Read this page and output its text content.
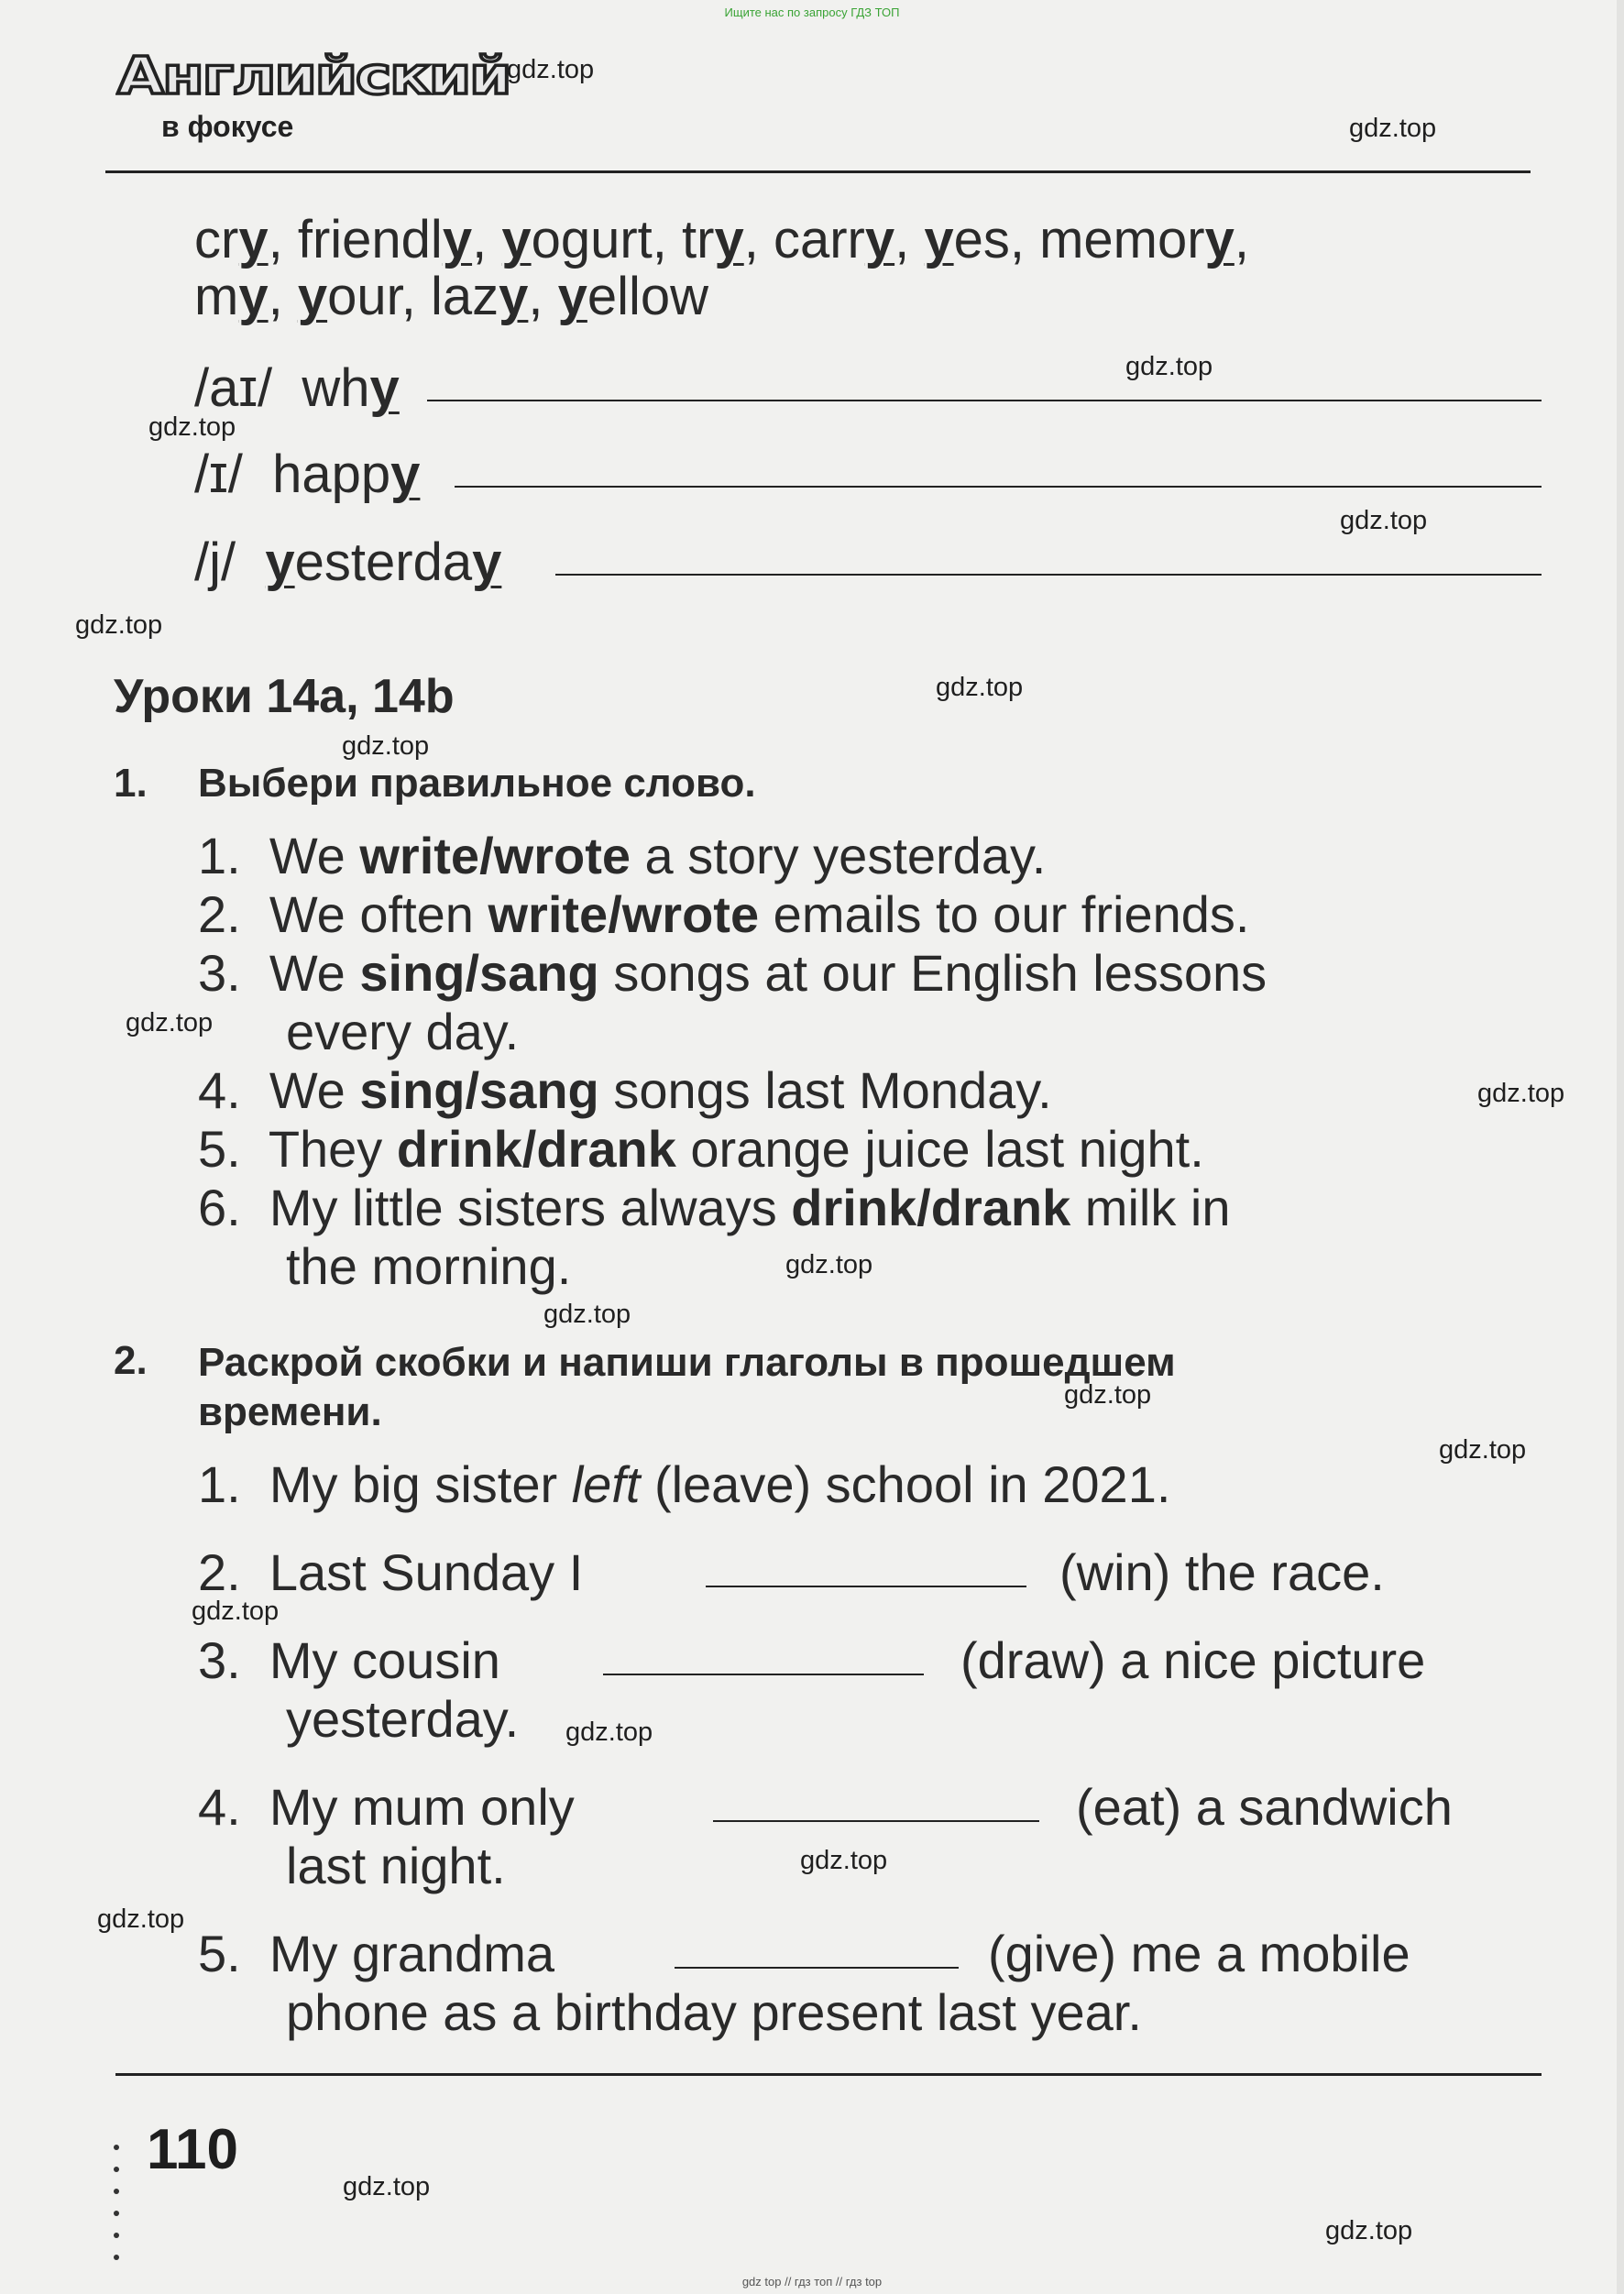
Ищите нас по запросу ГДЗ ТОП
Английский
в фокусе
cry, friendly, yogurt, try, carry, yes, memory,
my, your, lazy, yellow
/aɪ/ why
/ɪ/ happy
/j/ yesterday
Уроки 14a, 14b
1. Выбери правильное слово.
1. We write/wrote a story yesterday.
2. We often write/wrote emails to our friends.
3. We sing/sang songs at our English lessons
every day.
4. We sing/sang songs last Monday.
5. They drink/drank orange juice last night.
6. My little sisters always drink/drank milk in
the morning.
2. Раскрой скобки и напиши глаголы в прошедшем
времени.
1. My big sister left (leave) school in 2021.
2. Last Sunday I	(win) the race.
3. My cousin
yesterday.
(draw) a nice picture
4. My mum only
last night.
(eat) a sandwich
5. My grandma
phone as a birthday present last year.
(give) me a mobile
110
gdz.top
gdz.top
gdz.top
gdz.top
gdz.top
gdz.top
gdz.top
gdz.top
gdz.top
gdz.top
gdz.top
gdz.top
gdz.top
gdz.top
gdz.top
gdz.top
gdz.top
gdz.top
gdz.top
gdz.top
gdz top // гдз топ // гдз top
